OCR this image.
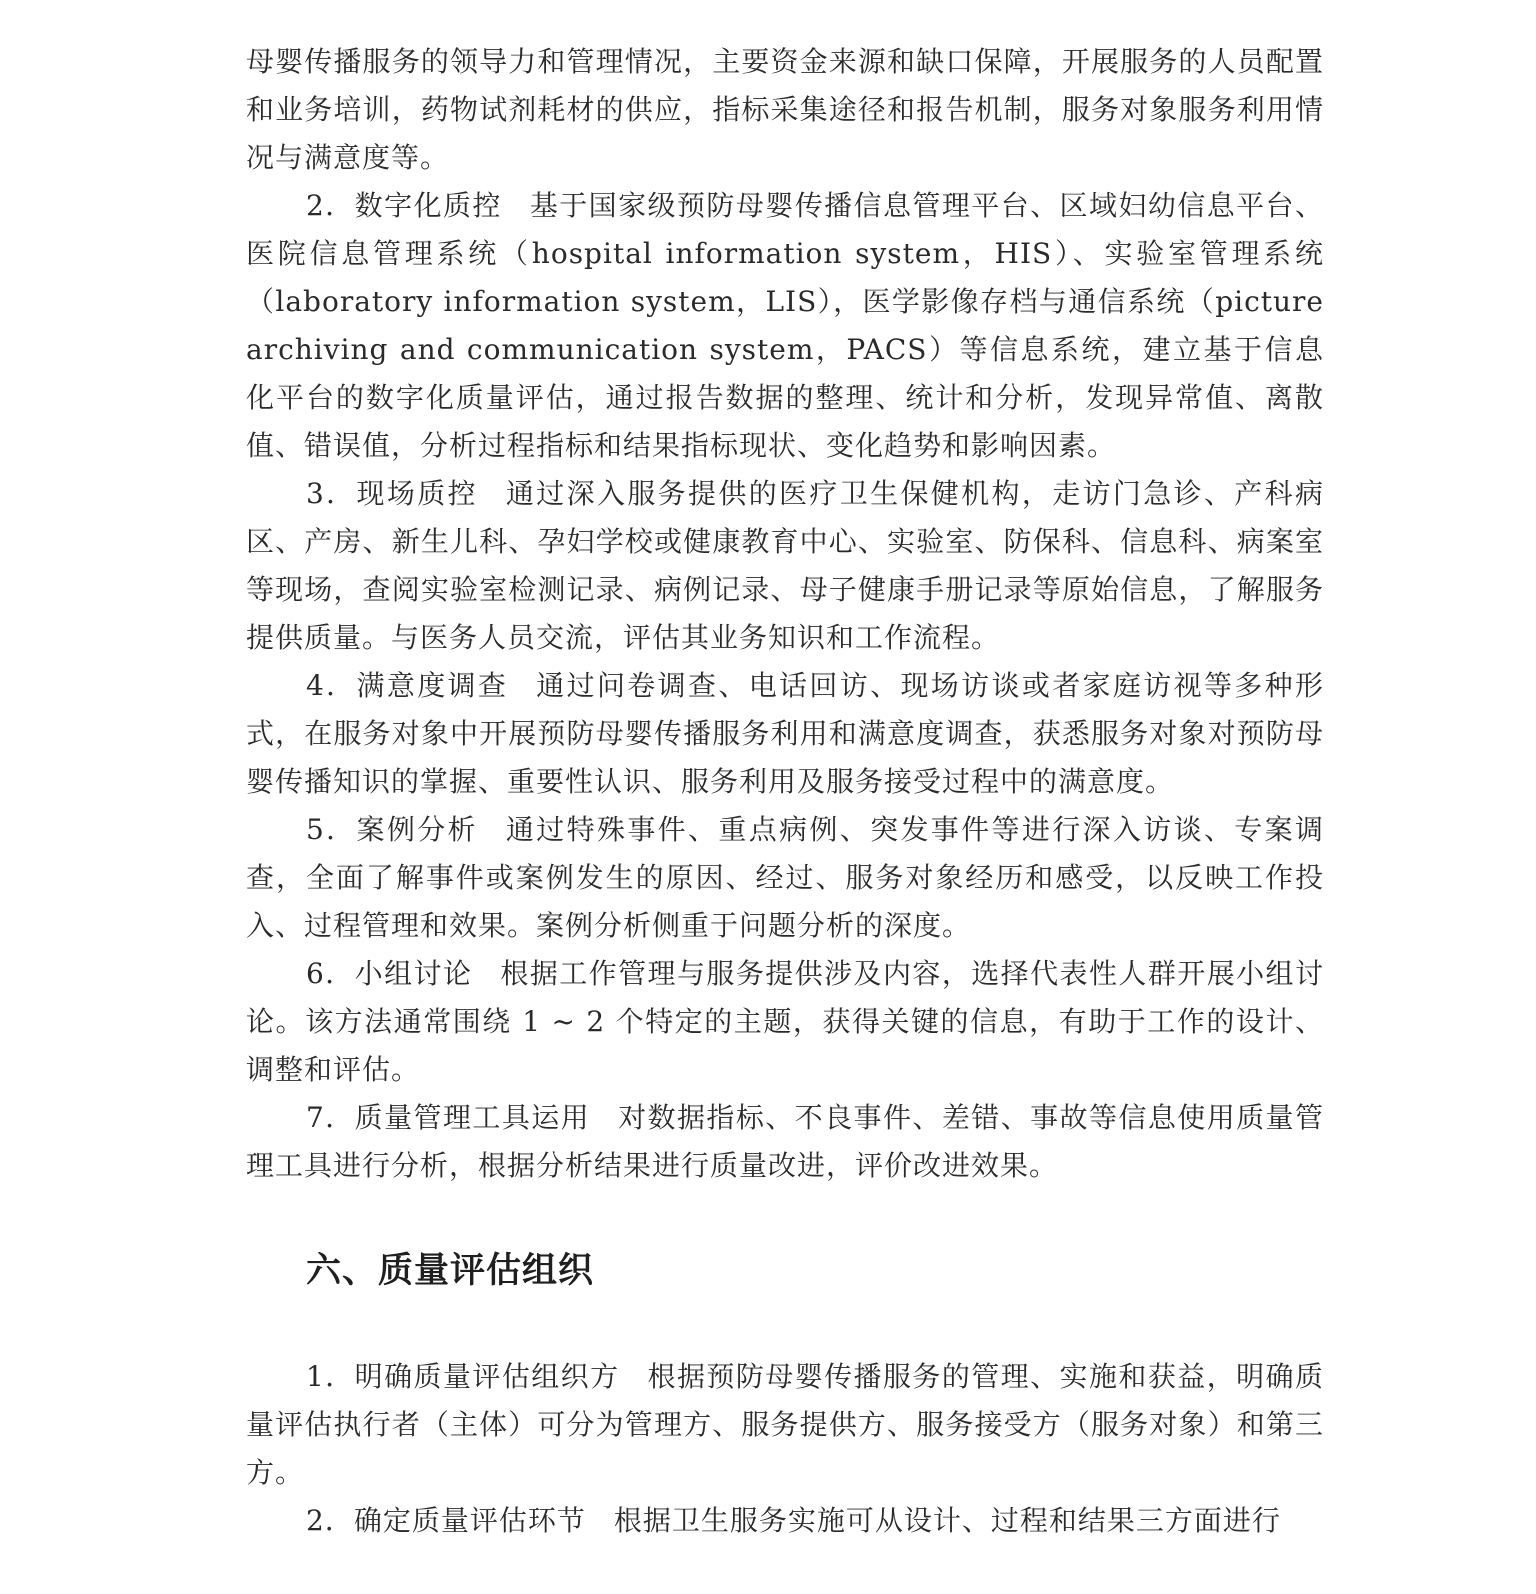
母婴传播服务的领导力和管理情况，主要资金来源和缺口保障，开展服务的人员配置和业务培训，药物试剂耗材的供应，指标采集途径和报告机制，服务对象服务利用情况与满意度等。

2．数字化质控 基于国家级预防母婴传播信息管理平台、区域妇幼信息平台、医院信息管理系统（hospital information system，HIS）、实验室管理系统（laboratory information system，LIS），医学影像存档与通信系统（picture archiving and communication system，PACS）等信息系统，建立基于信息化平台的数字化质量评估，通过报告数据的整理、统计和分析，发现异常值、离散值、错误值，分析过程指标和结果指标现状、变化趋势和影响因素。

3．现场质控 通过深入服务提供的医疗卫生保健机构，走访门急诊、产科病区、产房、新生儿科、孕妇学校或健康教育中心、实验室、防保科、信息科、病案室等现场，查阅实验室检测记录、病例记录、母子健康手册记录等原始信息，了解服务提供质量。与医务人员交流，评估其业务知识和工作流程。

4．满意度调查 通过问卷调查、电话回访、现场访谈或者家庭访视等多种形式，在服务对象中开展预防母婴传播服务利用和满意度调查，获悉服务对象对预防母婴传播知识的掌握、重要性认识、服务利用及服务接受过程中的满意度。

5．案例分析 通过特殊事件、重点病例、突发事件等进行深入访谈、专案调查，全面了解事件或案例发生的原因、经过、服务对象经历和感受，以反映工作投入、过程管理和效果。案例分析侧重于问题分析的深度。

6．小组讨论 根据工作管理与服务提供涉及内容，选择代表性人群开展小组讨论。该方法通常围绕 1 ~ 2 个特定的主题，获得关键的信息，有助于工作的设计、调整和评估。

7．质量管理工具运用 对数据指标、不良事件、差错、事故等信息使用质量管理工具进行分析，根据分析结果进行质量改进，评价改进效果。

六、质量评估组织

1．明确质量评估组织方 根据预防母婴传播服务的管理、实施和获益，明确质量评估执行者（主体）可分为管理方、服务提供方、服务接受方（服务对象）和第三方。

2．确定质量评估环节 根据卫生服务实施可从设计、过程和结果三方面进行
